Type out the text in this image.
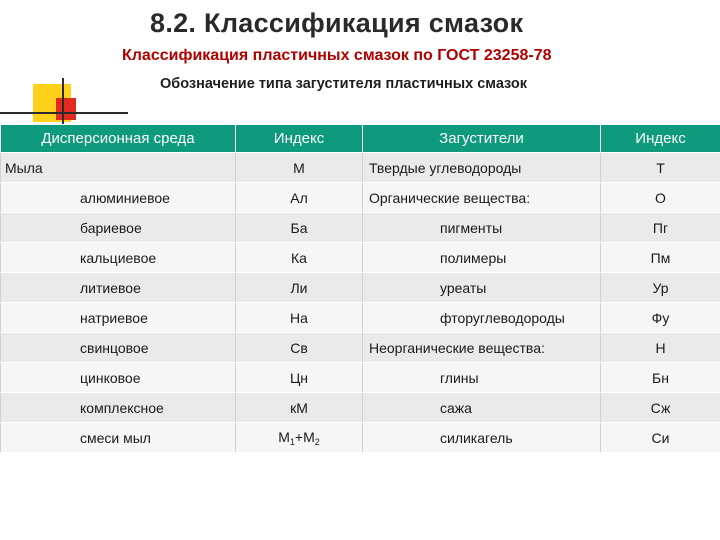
8.2. Классификация смазок
Классификация пластичных смазок по ГОСТ 23258-78
Обозначение типа загустителя пластичных смазок
Дисперсионная среда	Индекс	Загустители	Индекс
Мыла	М	Твердые углеводороды	Т
алюминиевое	Ал	Органические вещества:	О
бариевое	Ба	пигменты	Пг
кальциевое	Ка	полимеры	Пм
литиевое	Ли	уреаты	Ур
натриевое	На	фторуглеводороды	Фу
свинцовое	Св	Неорганические вещества:	Н
цинковое	Цн	глины	Бн
комплексное	кМ	сажа	Сж
смеси мыл	$М_1+М_2$	силикагель	Си
